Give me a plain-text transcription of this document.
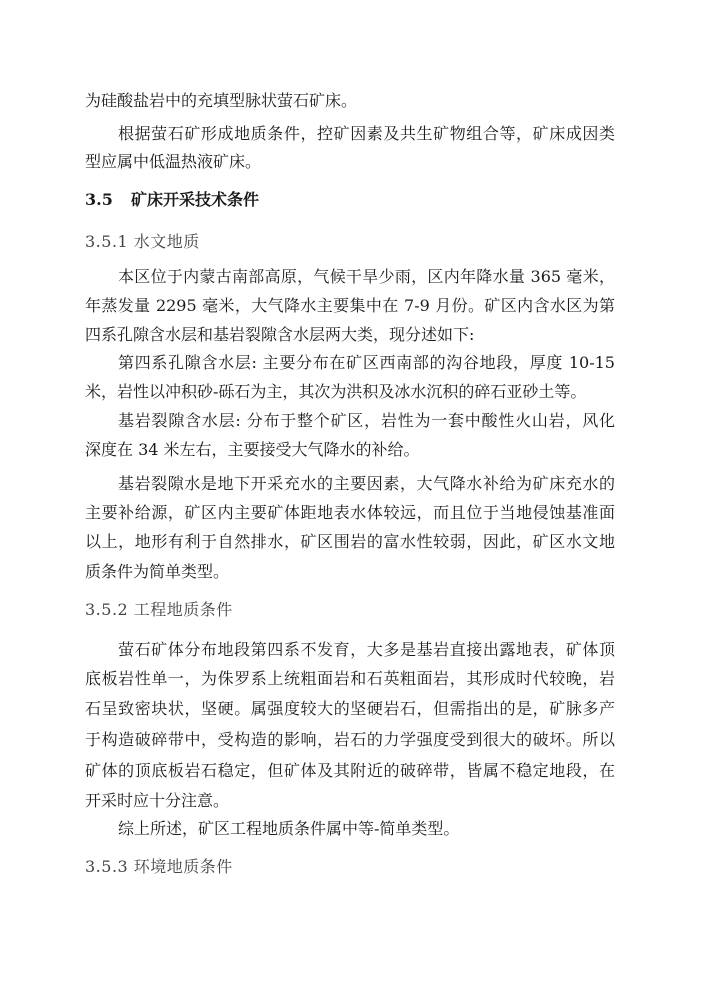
为硅酸盐岩中的充填型脉状萤石矿床。
根据萤石矿形成地质条件，控矿因素及共生矿物组合等，矿床成因类
型应属中低温热液矿床。
3.5 矿床开采技术条件
3.5.1 水文地质
本区位于内蒙古南部高原，气候干旱少雨，区内年降水量 365 毫米，
年蒸发量 2295 毫米，大气降水主要集中在 7-9 月份。矿区内含水区为第
四系孔隙含水层和基岩裂隙含水层两大类，现分述如下:
第四系孔隙含水层: 主要分布在矿区西南部的沟谷地段，厚度 10-15
米，岩性以冲积砂-砾石为主，其次为洪积及冰水沉积的碎石亚砂土等。
基岩裂隙含水层: 分布于整个矿区，岩性为一套中酸性火山岩，风化
深度在 34 米左右，主要接受大气降水的补给。
基岩裂隙水是地下开采充水的主要因素，大气降水补给为矿床充水的
主要补给源，矿区内主要矿体距地表水体较远，而且位于当地侵蚀基准面
以上，地形有利于自然排水，矿区围岩的富水性较弱，因此，矿区水文地
质条件为简单类型。
3.5.2 工程地质条件
萤石矿体分布地段第四系不发育，大多是基岩直接出露地表，矿体顶
底板岩性单一，为侏罗系上统粗面岩和石英粗面岩，其形成时代较晚，岩
石呈致密块状，坚硬。属强度较大的坚硬岩石，但需指出的是，矿脉多产
于构造破碎带中，受构造的影响，岩石的力学强度受到很大的破坏。所以
矿体的顶底板岩石稳定，但矿体及其附近的破碎带，皆属不稳定地段，在
开采时应十分注意。
综上所述，矿区工程地质条件属中等-简单类型。
3.5.3 环境地质条件
